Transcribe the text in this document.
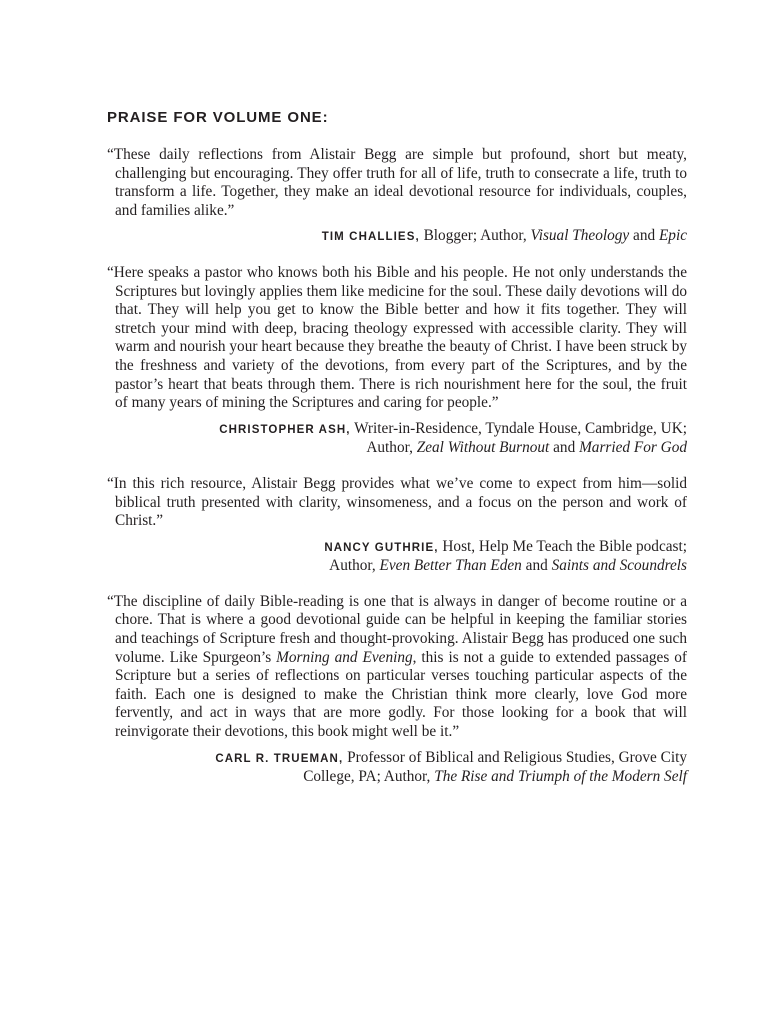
PRAISE FOR VOLUME ONE:

“These daily reflections from Alistair Begg are simple but profound, short but meaty, challenging but encouraging. They offer truth for all of life, truth to consecrate a life, truth to transform a life. Together, they make an ideal devotional resource for individuals, couples, and families alike.”

TIM CHALLIES, Blogger; Author, Visual Theology and Epic

“Here speaks a pastor who knows both his Bible and his people. He not only understands the Scriptures but lovingly applies them like medicine for the soul. These daily devotions will do that. They will help you get to know the Bible better and how it fits together. They will stretch your mind with deep, bracing theology expressed with accessible clarity. They will warm and nourish your heart because they breathe the beauty of Christ. I have been struck by the freshness and variety of the devotions, from every part of the Scriptures, and by the pastor’s heart that beats through them. There is rich nourishment here for the soul, the fruit of many years of mining the Scriptures and caring for people.”

CHRISTOPHER ASH, Writer-in-Residence, Tyndale House, Cambridge, UK;
Author, Zeal Without Burnout and Married For God

“In this rich resource, Alistair Begg provides what we’ve come to expect from him—solid biblical truth presented with clarity, winsomeness, and a focus on the person and work of Christ.”

NANCY GUTHRIE, Host, Help Me Teach the Bible podcast;
Author, Even Better Than Eden and Saints and Scoundrels

“The discipline of daily Bible-reading is one that is always in danger of become routine or a chore. That is where a good devotional guide can be helpful in keeping the familiar stories and teachings of Scripture fresh and thought-provoking. Alistair Begg has produced one such volume. Like Spurgeon’s Morning and Evening, this is not a guide to extended passages of Scripture but a series of reflections on particular verses touching particular aspects of the faith. Each one is designed to make the Christian think more clearly, love God more fervently, and act in ways that are more godly. For those looking for a book that will reinvigorate their devotions, this book might well be it.”

CARL R. TRUEMAN, Professor of Biblical and Religious Studies, Grove City
College, PA; Author, The Rise and Triumph of the Modern Self
